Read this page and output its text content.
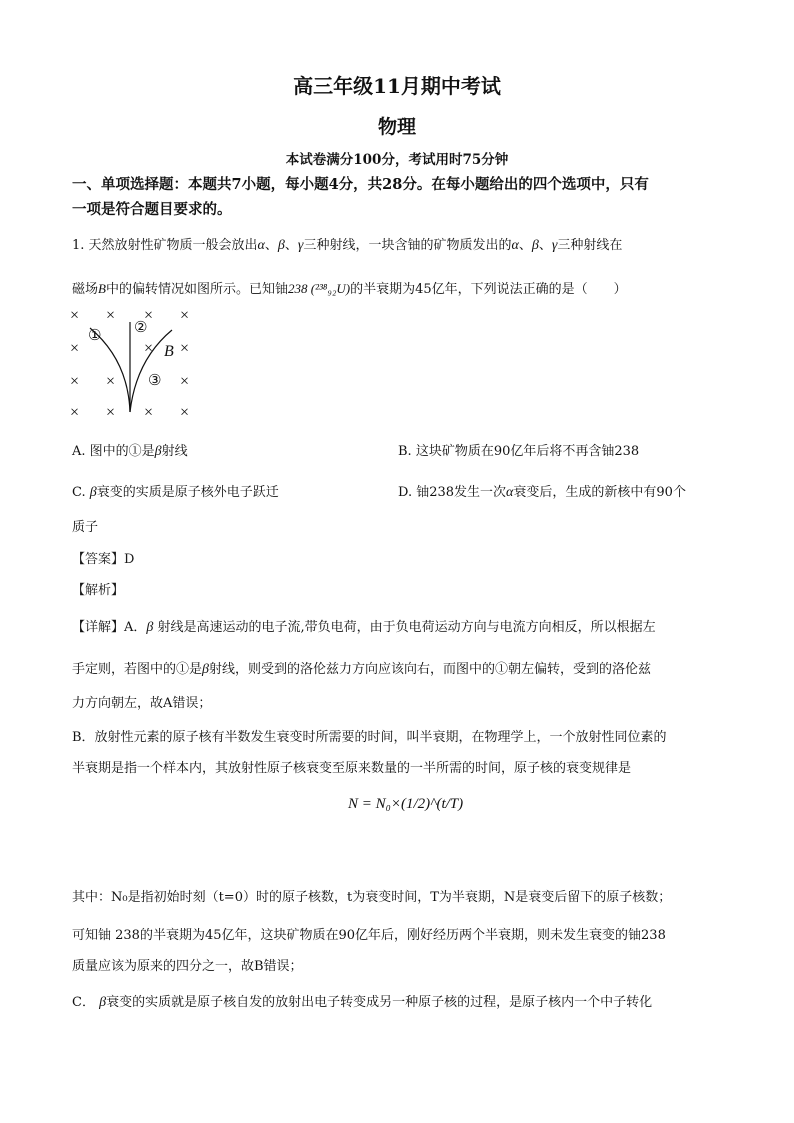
高三年级11月期中考试
物理
本试卷满分100分，考试用时75分钟
一、单项选择题：本题共7小题，每小题4分，共28分。在每小题给出的四个选项中，只有
一项是符合题目要求的。
1. 天然放射性矿物质一般会放出α、β、γ三种射线，一块含铀的矿物质发出的α、β、γ三种射线在
磁场B中的偏转情况如图所示。已知铀238 (²³⁸₉₂U)的半衰期为45亿年，下列说法正确的是（　　）
× × × ×
×	× ×
× ×	×
× × × ×
① ②
③
B
A. 图中的①是β射线	B. 这块矿物质在90亿年后将不再含铀238
C. β衰变的实质是原子核外电子跃迁	D. 铀238发生一次α衰变后，生成的新核中有90个
质子
【答案】D
【解析】
【详解】A．β 射线是高速运动的电子流,带负电荷，由于负电荷运动方向与电流方向相反，所以根据左
手定则，若图中的①是β射线，则受到的洛伦兹力方向应该向右，而图中的①朝左偏转，受到的洛伦兹
力方向朝左，故A错误；
B．放射性元素的原子核有半数发生衰变时所需要的时间，叫半衰期，在物理学上，一个放射性同位素的
半衰期是指一个样本内，其放射性原子核衰变至原来数量的一半所需的时间，原子核的衰变规律是
N = N₀×(1/2)^(t/T)
其中：N₀是指初始时刻（t=0）时的原子核数，t为衰变时间，T为半衰期，N是衰变后留下的原子核数；
可知铀 238的半衰期为45亿年，这块矿物质在90亿年后，刚好经历两个半衰期，则未发生衰变的铀238
质量应该为原来的四分之一，故B错误；
C． β衰变的实质就是原子核自发的放射出电子转变成另一种原子核的过程，是原子核内一个中子转化
